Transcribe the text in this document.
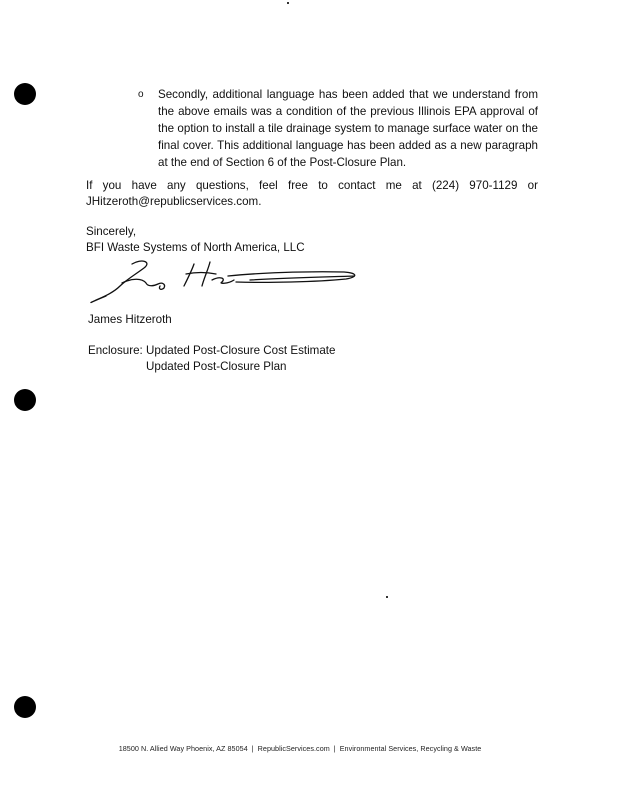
o Secondly, additional language has been added that we understand from the above emails was a condition of the previous Illinois EPA approval of the option to install a tile drainage system to manage surface water on the final cover. This additional language has been added as a new paragraph at the end of Section 6 of the Post-Closure Plan.
If you have any questions, feel free to contact me at (224) 970-1129 or JHitzeroth@republicservices.com.
Sincerely,
BFI Waste Systems of North America, LLC
James Hitzeroth
Enclosure: Updated Post-Closure Cost Estimate
Updated Post-Closure Plan
18500 N. Allied Way Phoenix, AZ 85054 | RepublicServices.com | Environmental Services, Recycling & Waste
